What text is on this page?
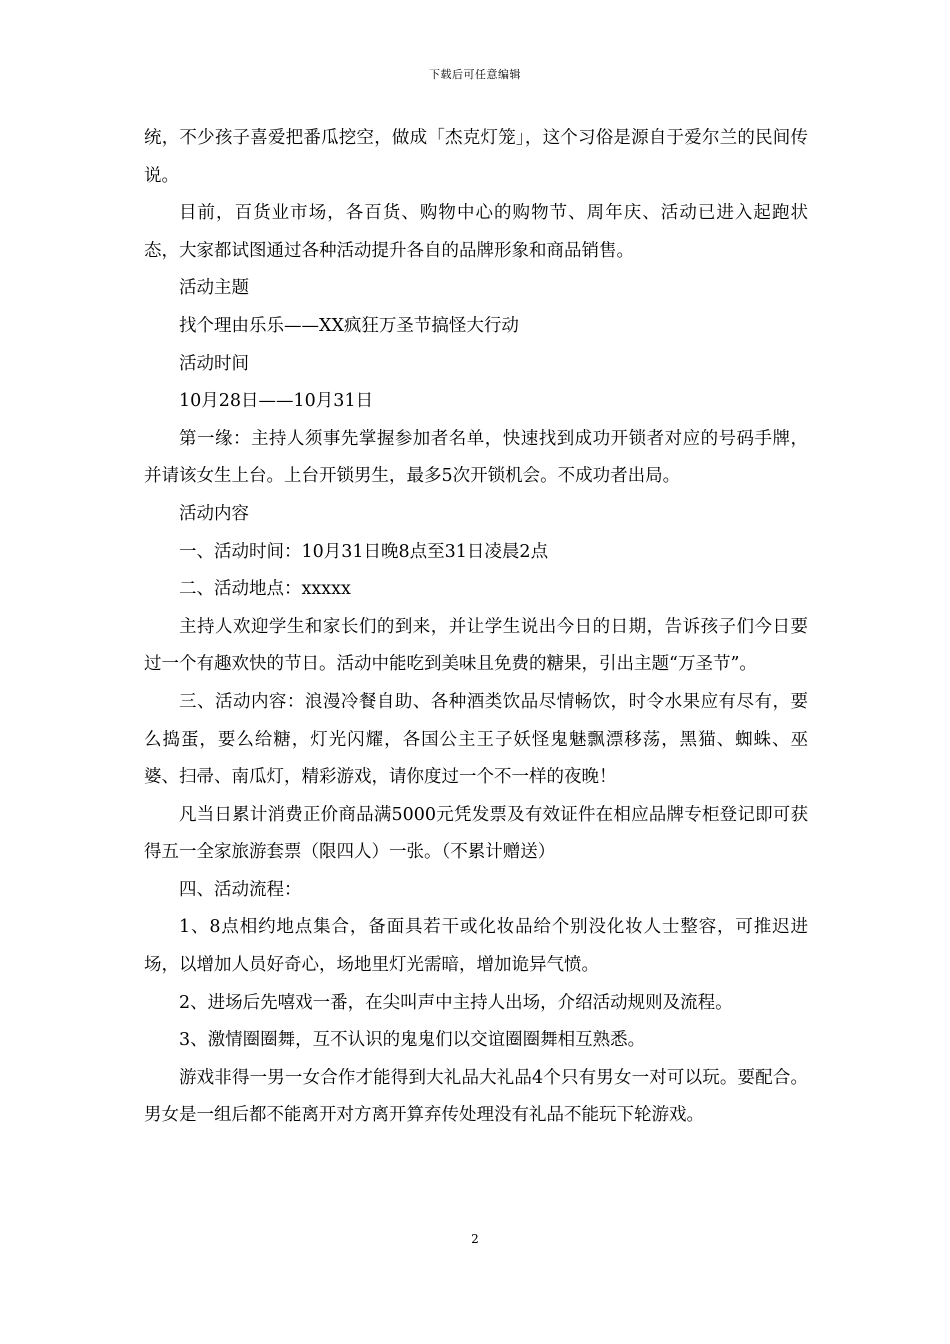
下载后可任意编辑

统，不少孩子喜爱把番瓜挖空，做成「杰克灯笼」，这个习俗是源自于爱尔兰的民间传说。

目前，百货业市场，各百货、购物中心的购物节、周年庆、活动已进入起跑状态，大家都试图通过各种活动提升各自的品牌形象和商品销售。

活动主题

找个理由乐乐——XX疯狂万圣节搞怪大行动

活动时间

10月28日——10月31日

第一缘：主持人须事先掌握参加者名单，快速找到成功开锁者对应的号码手牌，并请该女生上台。上台开锁男生，最多5次开锁机会。不成功者出局。

活动内容

一、活动时间：10月31日晚8点至31日凌晨2点

二、活动地点：xxxxx

主持人欢迎学生和家长们的到来，并让学生说出今日的日期，告诉孩子们今日要过一个有趣欢快的节日。活动中能吃到美味且免费的糖果，引出主题“万圣节”。

三、活动内容：浪漫冷餐自助、各种酒类饮品尽情畅饮，时令水果应有尽有，要么捣蛋，要么给糖，灯光闪耀，各国公主王子妖怪鬼魅飘漂移荡，黑猫、蜘蛛、巫婆、扫帚、南瓜灯，精彩游戏，请你度过一个不一样的夜晚！

凡当日累计消费正价商品满5000元凭发票及有效证件在相应品牌专柜登记即可获得五一全家旅游套票（限四人）一张。（不累计赠送）

四、活动流程：

1、8点相约地点集合，备面具若干或化妆品给个别没化妆人士整容，可推迟进场，以增加人员好奇心，场地里灯光需暗，增加诡异气愤。

2、进场后先嘻戏一番，在尖叫声中主持人出场，介绍活动规则及流程。

3、激情圈圈舞，互不认识的鬼鬼们以交谊圈圈舞相互熟悉。

游戏非得一男一女合作才能得到大礼品大礼品4个只有男女一对可以玩。要配合。男女是一组后都不能离开对方离开算弃传处理没有礼品不能玩下轮游戏。

2
